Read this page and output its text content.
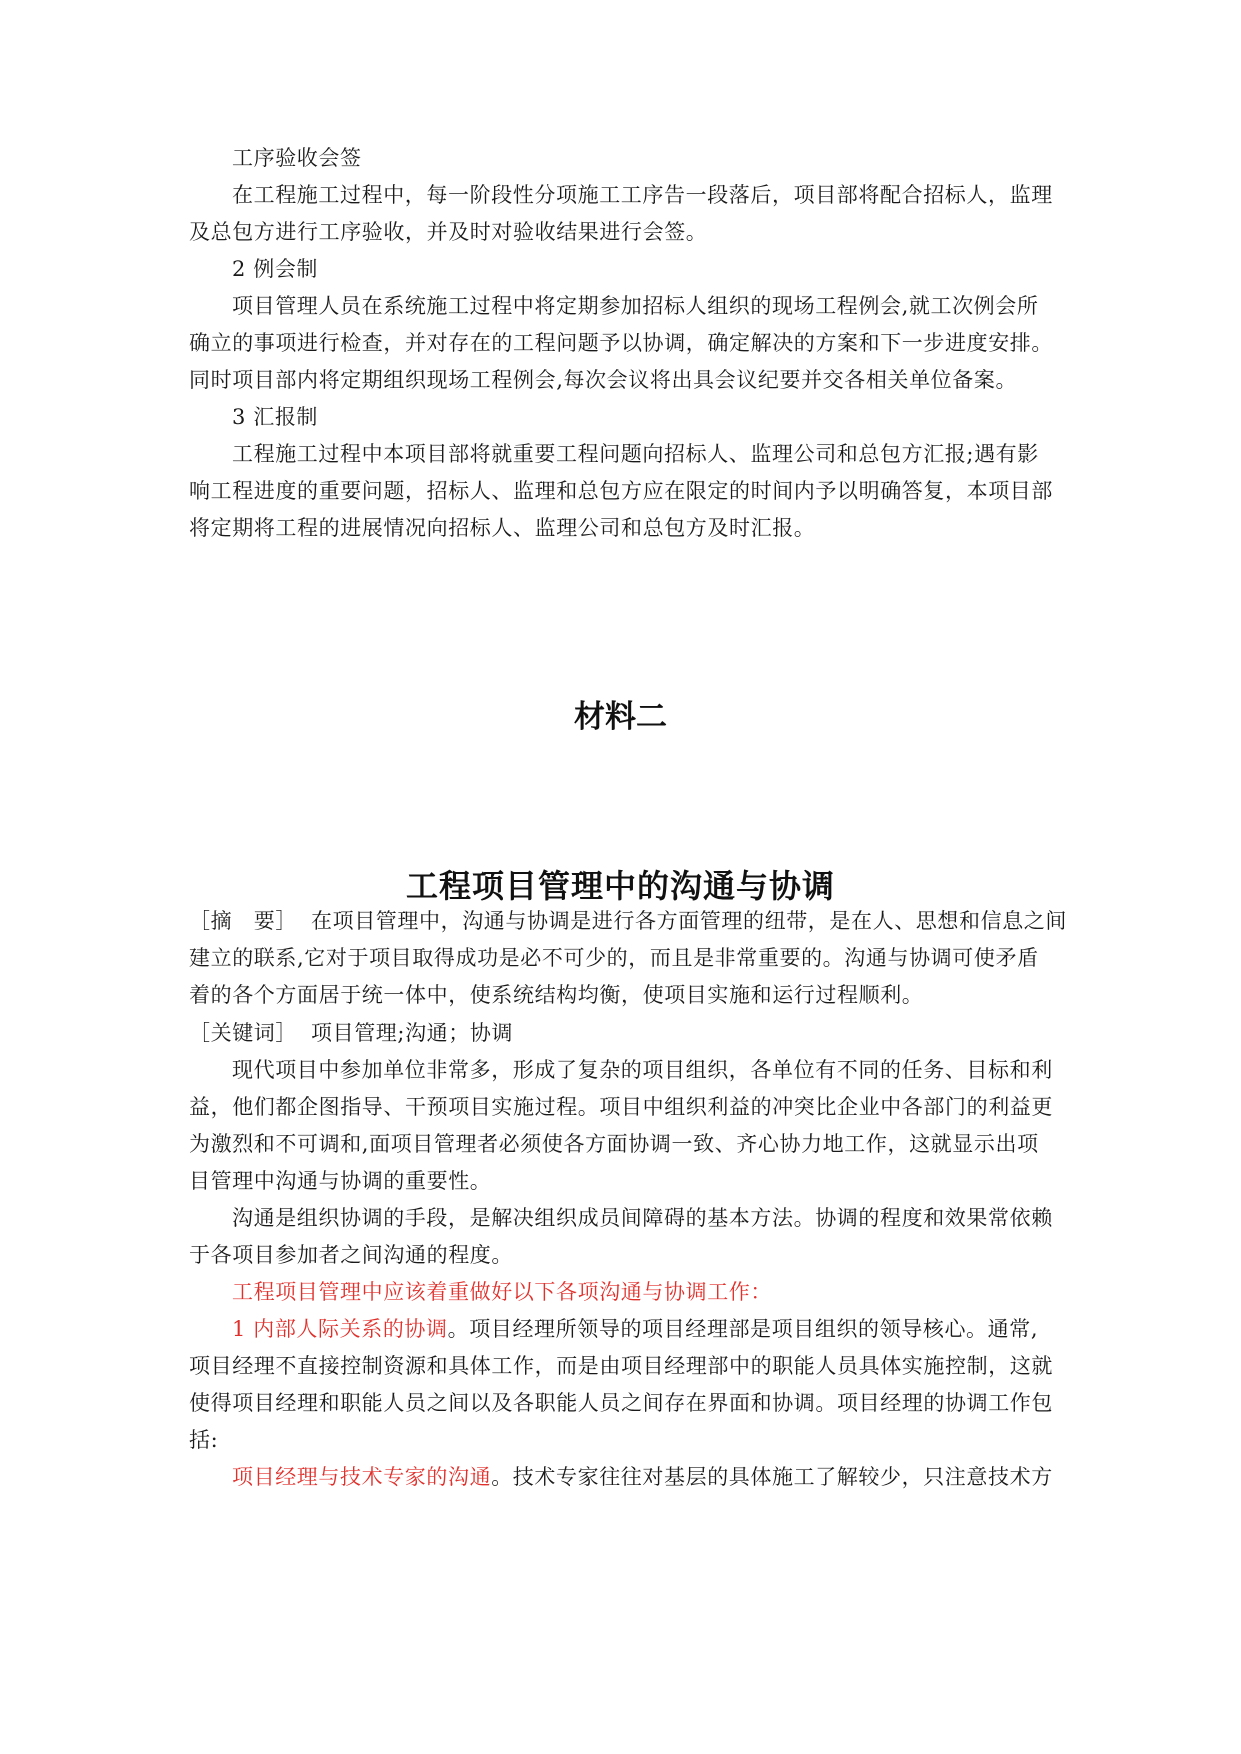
工序验收会签
在工程施工过程中，每一阶段性分项施工工序告一段落后，项目部将配合招标人，监理
及总包方进行工序验收，并及时对验收结果进行会签。
2 例会制
项目管理人员在系统施工过程中将定期参加招标人组织的现场工程例会,就工次例会所
确立的事项进行检查，并对存在的工程问题予以协调，确定解决的方案和下一步进度安排。
同时项目部内将定期组织现场工程例会,每次会议将出具会议纪要并交各相关单位备案。
3 汇报制
工程施工过程中本项目部将就重要工程问题向招标人、监理公司和总包方汇报;遇有影
响工程进度的重要问题，招标人、监理和总包方应在限定的时间内予以明确答复，本项目部
将定期将工程的进展情况向招标人、监理公司和总包方及时汇报。
材料二
工程项目管理中的沟通与协调
［摘　要］ 在项目管理中，沟通与协调是进行各方面管理的纽带，是在人、思想和信息之间
建立的联系,它对于项目取得成功是必不可少的，而且是非常重要的。沟通与协调可使矛盾
着的各个方面居于统一体中，使系统结构均衡，使项目实施和运行过程顺利。
［关键词］ 项目管理;沟通；协调
现代项目中参加单位非常多，形成了复杂的项目组织，各单位有不同的任务、目标和利
益，他们都企图指导、干预项目实施过程。项目中组织利益的冲突比企业中各部门的利益更
为激烈和不可调和,面项目管理者必须使各方面协调一致、齐心协力地工作，这就显示出项
目管理中沟通与协调的重要性。
沟通是组织协调的手段，是解决组织成员间障碍的基本方法。协调的程度和效果常依赖
于各项目参加者之间沟通的程度。
工程项目管理中应该着重做好以下各项沟通与协调工作：
1 内部人际关系的协调。项目经理所领导的项目经理部是项目组织的领导核心。通常,
项目经理不直接控制资源和具体工作，而是由项目经理部中的职能人员具体实施控制，这就
使得项目经理和职能人员之间以及各职能人员之间存在界面和协调。项目经理的协调工作包
括:
项目经理与技术专家的沟通。技术专家往往对基层的具体施工了解较少，只注意技术方
